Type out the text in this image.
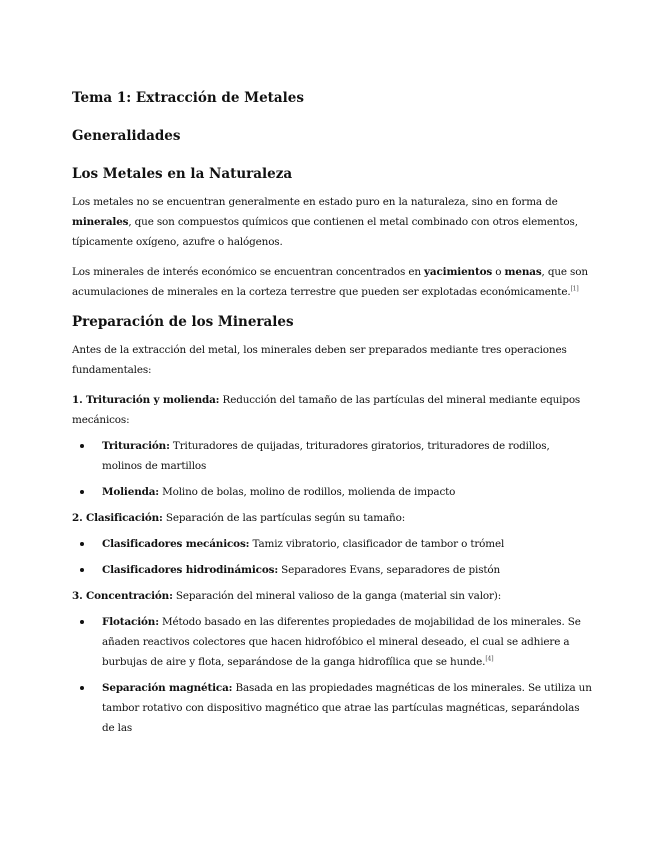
Tema 1: Extracción de Metales
Generalidades
Los Metales en la Naturaleza

Los metales no se encuentran generalmente en estado puro en la naturaleza, sino en forma de minerales, que son compuestos químicos que contienen el metal combinado con otros elementos, típicamente oxígeno, azufre o halógenos.

Los minerales de interés económico se encuentran concentrados en yacimientos o menas, que son acumulaciones de minerales en la corteza terrestre que pueden ser explotadas económicamente.[1]

Preparación de los Minerales

Antes de la extracción del metal, los minerales deben ser preparados mediante tres operaciones fundamentales:

1. Trituración y molienda: Reducción del tamaño de las partículas del mineral mediante equipos mecánicos:

Trituración: Trituradores de quijadas, trituradores giratorios, trituradores de rodillos, molinos de martillos
Molienda: Molino de bolas, molino de rodillos, molienda de impacto

2. Clasificación: Separación de las partículas según su tamaño:

Clasificadores mecánicos: Tamiz vibratorio, clasificador de tambor o trómel
Clasificadores hidrodinámicos: Separadores Evans, separadores de pistón

3. Concentración: Separación del mineral valioso de la ganga (material sin valor):

Flotación: Método basado en las diferentes propiedades de mojabilidad de los minerales. Se añaden reactivos colectores que hacen hidrofóbico el mineral deseado, el cual se adhiere a burbujas de aire y flota, separándose de la ganga hidrofílica que se hunde.[4]
Separación magnética: Basada en las propiedades magnéticas de los minerales. Se utiliza un tambor rotativo con dispositivo magnético que atrae las partículas magnéticas, separándolas de las
